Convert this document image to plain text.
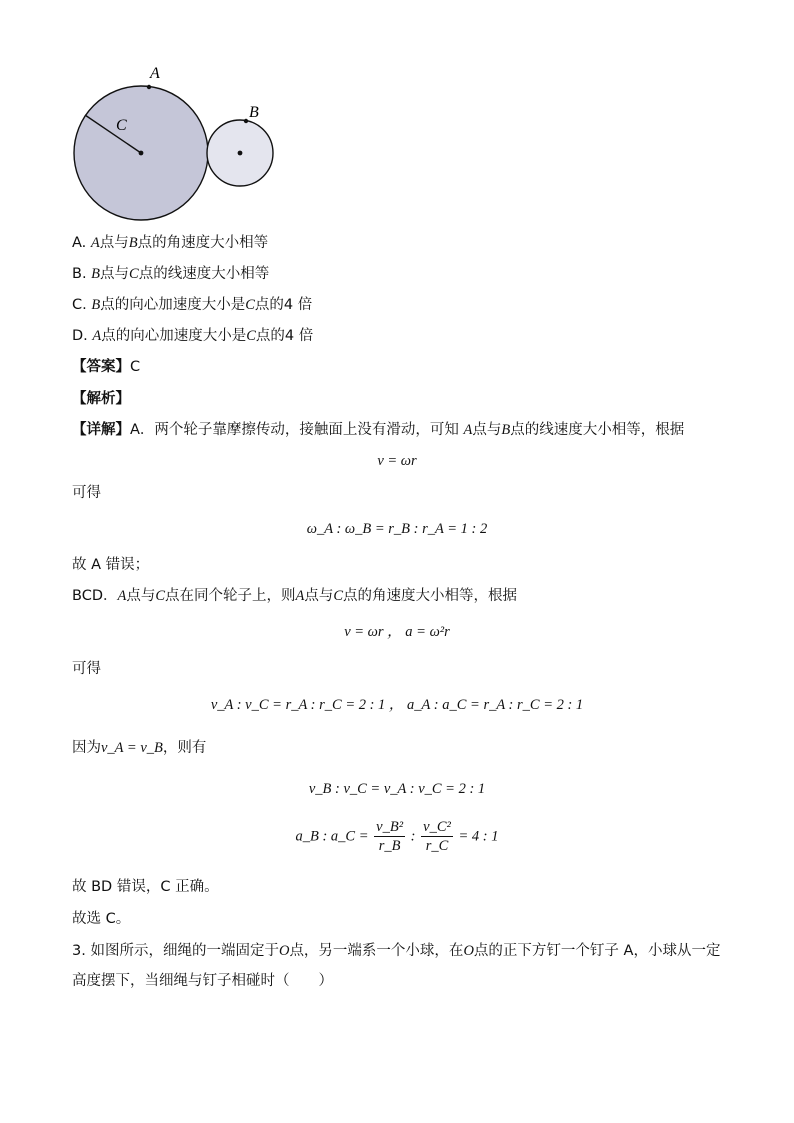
A
B
C
A. A点与B点的角速度大小相等
B. B点与C点的线速度大小相等
C. B点的向心加速度大小是C点的4 倍
D. A点的向心加速度大小是C点的4 倍
【答案】C
【解析】
【详解】A．两个轮子靠摩擦传动，接触面上没有滑动，可知 A点与B点的线速度大小相等，根据
v = ωr
可得
ω_A : ω_B = r_B : r_A = 1 : 2
故 A 错误；
BCD．A点与C点在同个轮子上，则A点与C点的角速度大小相等，根据
v = ωr ， a = ω²r
可得
v_A : v_C = r_A : r_C = 2 : 1 ， a_A : a_C = r_A : r_C = 2 : 1
因为v_A = v_B，则有
v_B : v_C = v_A : v_C = 2 : 1
a_B : a_C = $\frac{\text{v\_B²}}{r\_B}$ : $\frac{\text{v\_C²}}{r\_C} = 4$ : 1
故 BD 错误，C 正确。
故选 C。
3. 如图所示，细绳的一端固定于O点，另一端系一个小球，在O点的正下方钉一个钉子 A，小球从一定
高度摆下，当细绳与钉子相碰时（　　）
